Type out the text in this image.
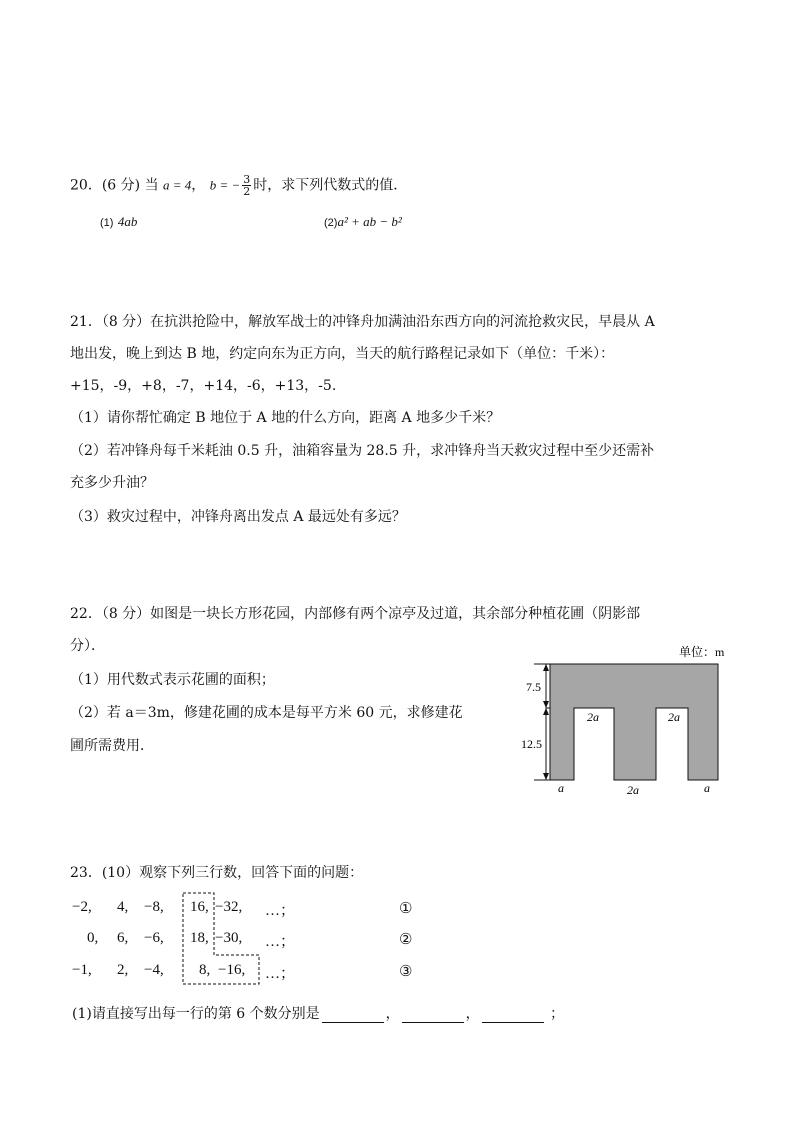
20．(6 分) 当 a = 4， b = − $\frac{3}{2}$ 时，求下列代数式的值．
(1) 4ab	(2)a² + ab − b²
21．（8 分）在抗洪抢险中，解放军战士的冲锋舟加满油沿东西方向的河流抢救灾民，早晨从 A
地出发，晚上到达 B 地，约定向东为正方向，当天的航行路程记录如下（单位：千米）：
+15，-9，+8，-7，+14，-6，+13，-5.
（1）请你帮忙确定 B 地位于 A 地的什么方向，距离 A 地多少千米？
（2）若冲锋舟每千米耗油 0.5 升，油箱容量为 28.5 升，求冲锋舟当天救灾过程中至少还需补
充多少升油？
（3）救灾过程中，冲锋舟离出发点 A 最远处有多远？
22．（8 分）如图是一块长方形花园，内部修有两个凉亭及过道，其余部分种植花圃（阴影部
分）．
（1）用代数式表示花圃的面积；
（2）若 a＝3m，修建花圃的成本是每平方米 60 元，求修建花
圃所需费用．
单位：m
7.5
12.5
2a	2a
a	2a	a
23．(10）观察下列三行数，回答下面的问题：
−2, 4, −8, 16, −32, …；	①
0, 6, −6, 18, −30, …；	②
−1, 2, −4, 8, −16, …；	③
(1)请直接写出每一行的第 6 个数分别是	，	，	；
